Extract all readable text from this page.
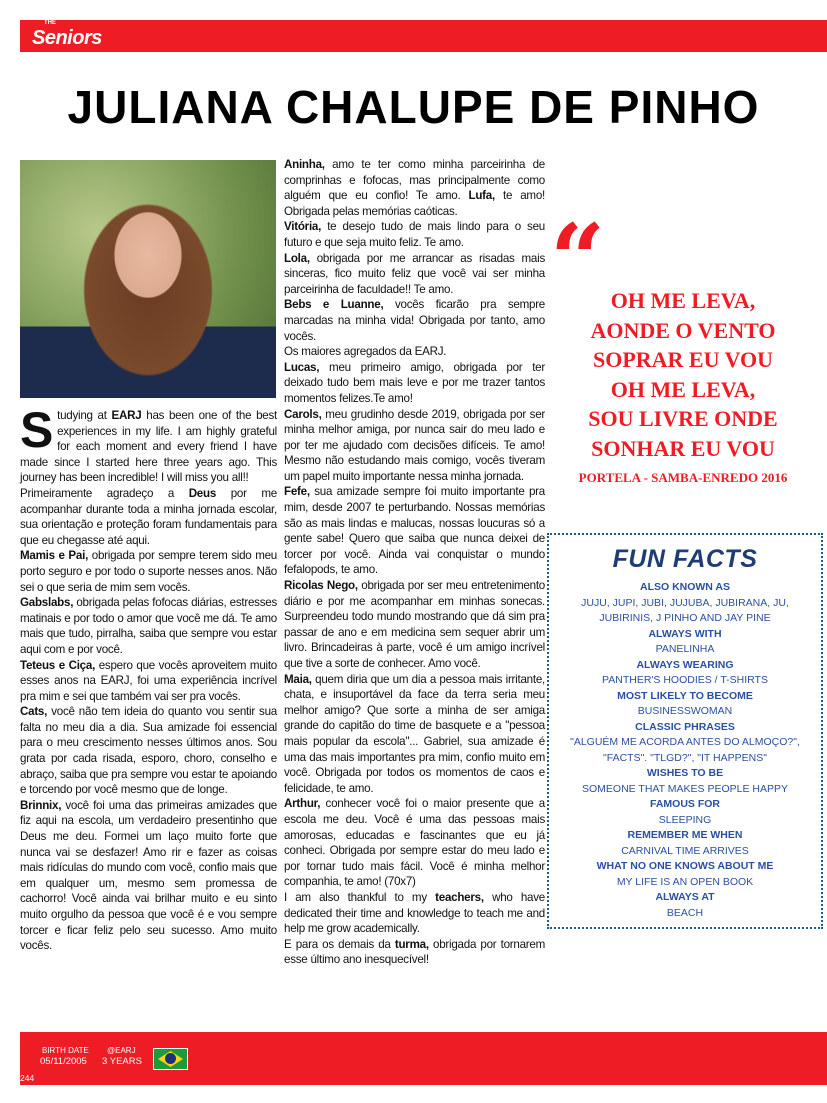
THE
Seniors
JULIANA CHALUPE DE PINHO

Studying at EARJ has been one of the best experiences in my life. I am highly grateful for each moment and every friend I have made since I started here three years ago. This journey has been incredible! I will miss you all!!

Primeiramente agradeço a Deus por me acompanhar durante toda a minha jornada escolar, sua orientação e proteção foram fundamentais para que eu chegasse até aqui.

Mamis e Pai, obrigada por sempre terem sido meu porto seguro e por todo o suporte nesses anos. Não sei o que seria de mim sem vocês.

Gabslabs, obrigada pelas fofocas diárias, estresses matinais e por todo o amor que você me dá. Te amo mais que tudo, pirralha, saiba que sempre vou estar aqui com e por você.

Teteus e Ciça, espero que vocês aproveitem muito esses anos na EARJ, foi uma experiência incrível pra mim e sei que também vai ser pra vocês.

Cats, você não tem ideia do quanto vou sentir sua falta no meu dia a dia. Sua amizade foi essencial para o meu crescimento nesses últimos anos. Sou grata por cada risada, esporo, choro, conselho e abraço, saiba que pra sempre vou estar te apoiando e torcendo por você mesmo que de longe.

Brinnix, você foi uma das primeiras amizades que fiz aqui na escola, um verdadeiro presentinho que Deus me deu. Formei um laço muito forte que nunca vai se desfazer! Amo rir e fazer as coisas mais ridículas do mundo com você, confio mais que em qualquer um, mesmo sem promessa de cachorro! Você ainda vai brilhar muito e eu sinto muito orgulho da pessoa que você é e vou sempre torcer e ficar feliz pelo seu sucesso. Amo muito vocês.

Aninha, amo te ter como minha parceirinha de comprinhas e fofocas, mas principalmente como alguém que eu confio! Te amo. Lufa, te amo! Obrigada pelas memórias caóticas.

Vitória, te desejo tudo de mais lindo para o seu futuro e que seja muito feliz. Te amo.

Lola, obrigada por me arrancar as risadas mais sinceras, fico muito feliz que você vai ser minha parceirinha de faculdade!! Te amo.

Bebs e Luanne, vocês ficarão pra sempre marcadas na minha vida! Obrigada por tanto, amo vocês.

Os maiores agregados da EARJ.

Lucas, meu primeiro amigo, obrigada por ter deixado tudo bem mais leve e por me trazer tantos momentos felizes.Te amo!

Carols, meu grudinho desde 2019, obrigada por ser minha melhor amiga, por nunca sair do meu lado e por ter me ajudado com decisões difíceis. Te amo! Mesmo não estudando mais comigo, vocês tiveram um papel muito importante nessa minha jornada.

Fefe, sua amizade sempre foi muito importante pra mim, desde 2007 te perturbando. Nossas memórias são as mais lindas e malucas, nossas loucuras só a gente sabe! Quero que saiba que nunca deixei de torcer por você. Ainda vai conquistar o mundo fefalopods, te amo.

Ricolas Nego, obrigada por ser meu entretenimento diário e por me acompanhar em minhas sonecas. Surpreendeu todo mundo mostrando que dá sim pra passar de ano e em medicina sem sequer abrir um livro. Brincadeiras à parte, você é um amigo incrível que tive a sorte de conhecer. Amo você.

Maia, quem diria que um dia a pessoa mais irritante, chata, e insuportável da face da terra seria meu melhor amigo? Que sorte a minha de ser amiga grande do capitão do time de basquete e a "pessoa mais popular da escola"... Gabriel, sua amizade é uma das mais importantes pra mim, confio muito em você. Obrigada por todos os momentos de caos e felicidade, te amo.

Arthur, conhecer você foi o maior presente que a escola me deu. Você é uma das pessoas mais amorosas, educadas e fascinantes que eu já conheci. Obrigada por sempre estar do meu lado e por tornar tudo mais fácil. Você é minha melhor companhia, te amo! (70x7)

I am also thankful to my teachers, who have dedicated their time and knowledge to teach me and help me grow academically.

E para os demais da turma, obrigada por tornarem esse último ano inesquecível!

“ OH ME LEVA,
AONDE O VENTO
SOPRAR EU VOU
OH ME LEVA,
SOU LIVRE ONDE
SONHAR EU VOU
PORTELA - SAMBA-ENREDO 2016
FUN FACTS
ALSO KNOWN AS
JUJU, JUPI, JUBI, JUJUBA, JUBIRANA, JU, JUBIRINIS, J PINHO AND JAY PINE
ALWAYS WITH
PANELINHA
ALWAYS WEARING
PANTHER'S HOODIES / T-SHIRTS
MOST LIKELY TO BECOME
BUSINESSWOMAN
CLASSIC PHRASES
"ALGUÉM ME ACORDA ANTES DO ALMOÇO?", "FACTS". "TLGD?", "IT HAPPENS"
WISHES TO BE
SOMEONE THAT MAKES PEOPLE HAPPY
FAMOUS FOR
SLEEPING
REMEMBER ME WHEN
CARNIVAL TIME ARRIVES
WHAT NO ONE KNOWS ABOUT ME
MY LIFE IS AN OPEN BOOK
ALWAYS AT
BEACH
BIRTH DATE
05/11/2005
@EARJ
3 YEARS
244
